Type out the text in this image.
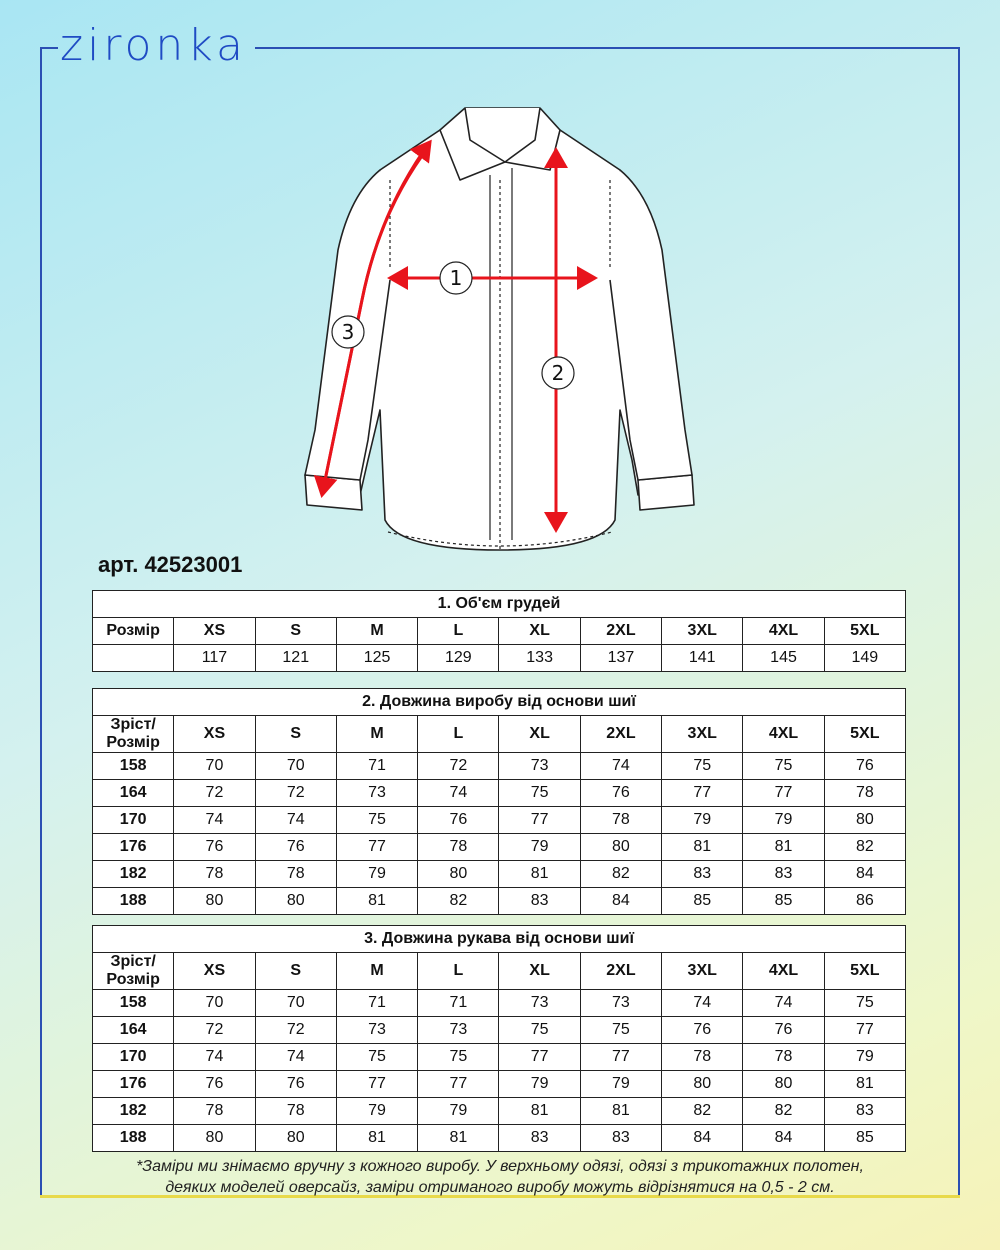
zironka
1
2
3
арт. 42523001
1. Об'єм грудей									
Розмір	XS	S	M	L	XL	2XL	3XL	4XL	5XL
	117	121	125	129	133	137	141	145	149
2. Довжина виробу від основи шиї									
Зріст/Розмір	XS	S	M	L	XL	2XL	3XL	4XL	5XL
158	70	70	71	72	73	74	75	75	76
164	72	72	73	74	75	76	77	77	78
170	74	74	75	76	77	78	79	79	80
176	76	76	77	78	79	80	81	81	82
182	78	78	79	80	81	82	83	83	84
188	80	80	81	82	83	84	85	85	86
3. Довжина рукава від основи шиї									
Зріст/Розмір	XS	S	M	L	XL	2XL	3XL	4XL	5XL
158	70	70	71	71	73	73	74	74	75
164	72	72	73	73	75	75	76	76	77
170	74	74	75	75	77	77	78	78	79
176	76	76	77	77	79	79	80	80	81
182	78	78	79	79	81	81	82	82	83
188	80	80	81	81	83	83	84	84	85
*Заміри ми знімаємо вручну з кожного виробу. У верхньому одязі, одязі з трикотажних полотен,
деяких моделей оверсайз, заміри отриманого виробу можуть відрізнятися на 0,5 - 2 см.
